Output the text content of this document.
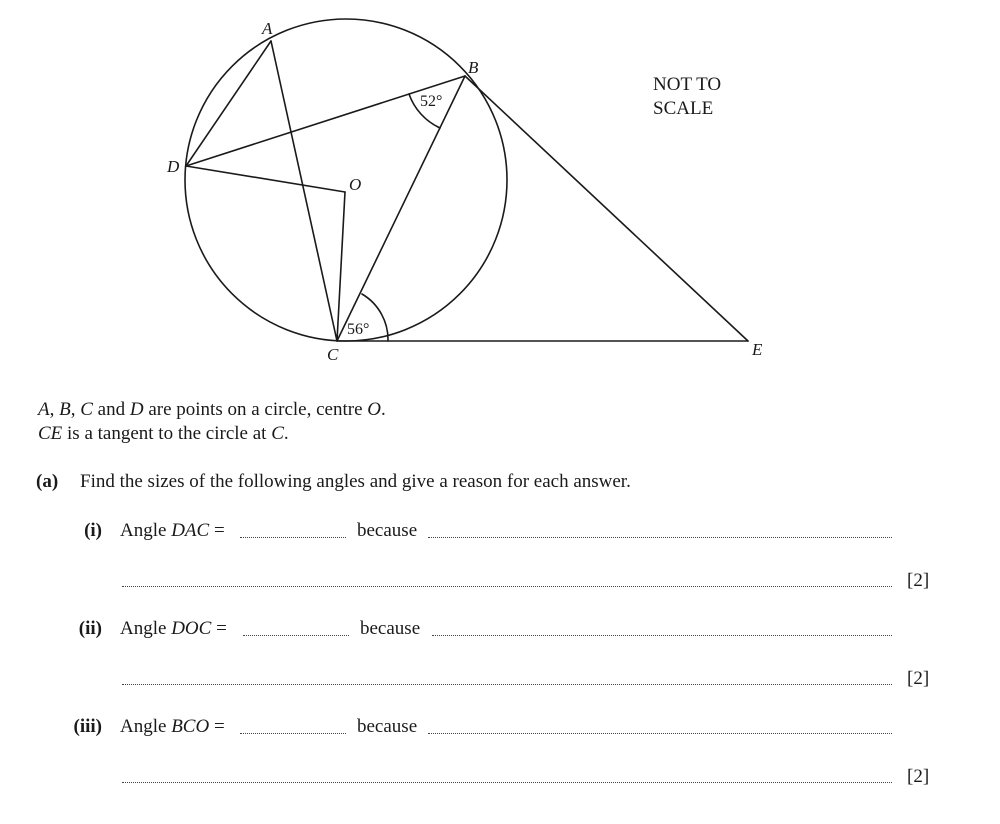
A
B
D
O
C	E
52°
56°
NOT TO
SCALE
A, B, C and D are points on a circle, centre O.
CE is a tangent to the circle at C.
(a) Find the sizes of the following angles and give a reason for each answer.
(i) Angle DAC =	because
[2]
(ii) Angle DOC =	because
[2]
(iii) Angle BCO =	because
[2]
